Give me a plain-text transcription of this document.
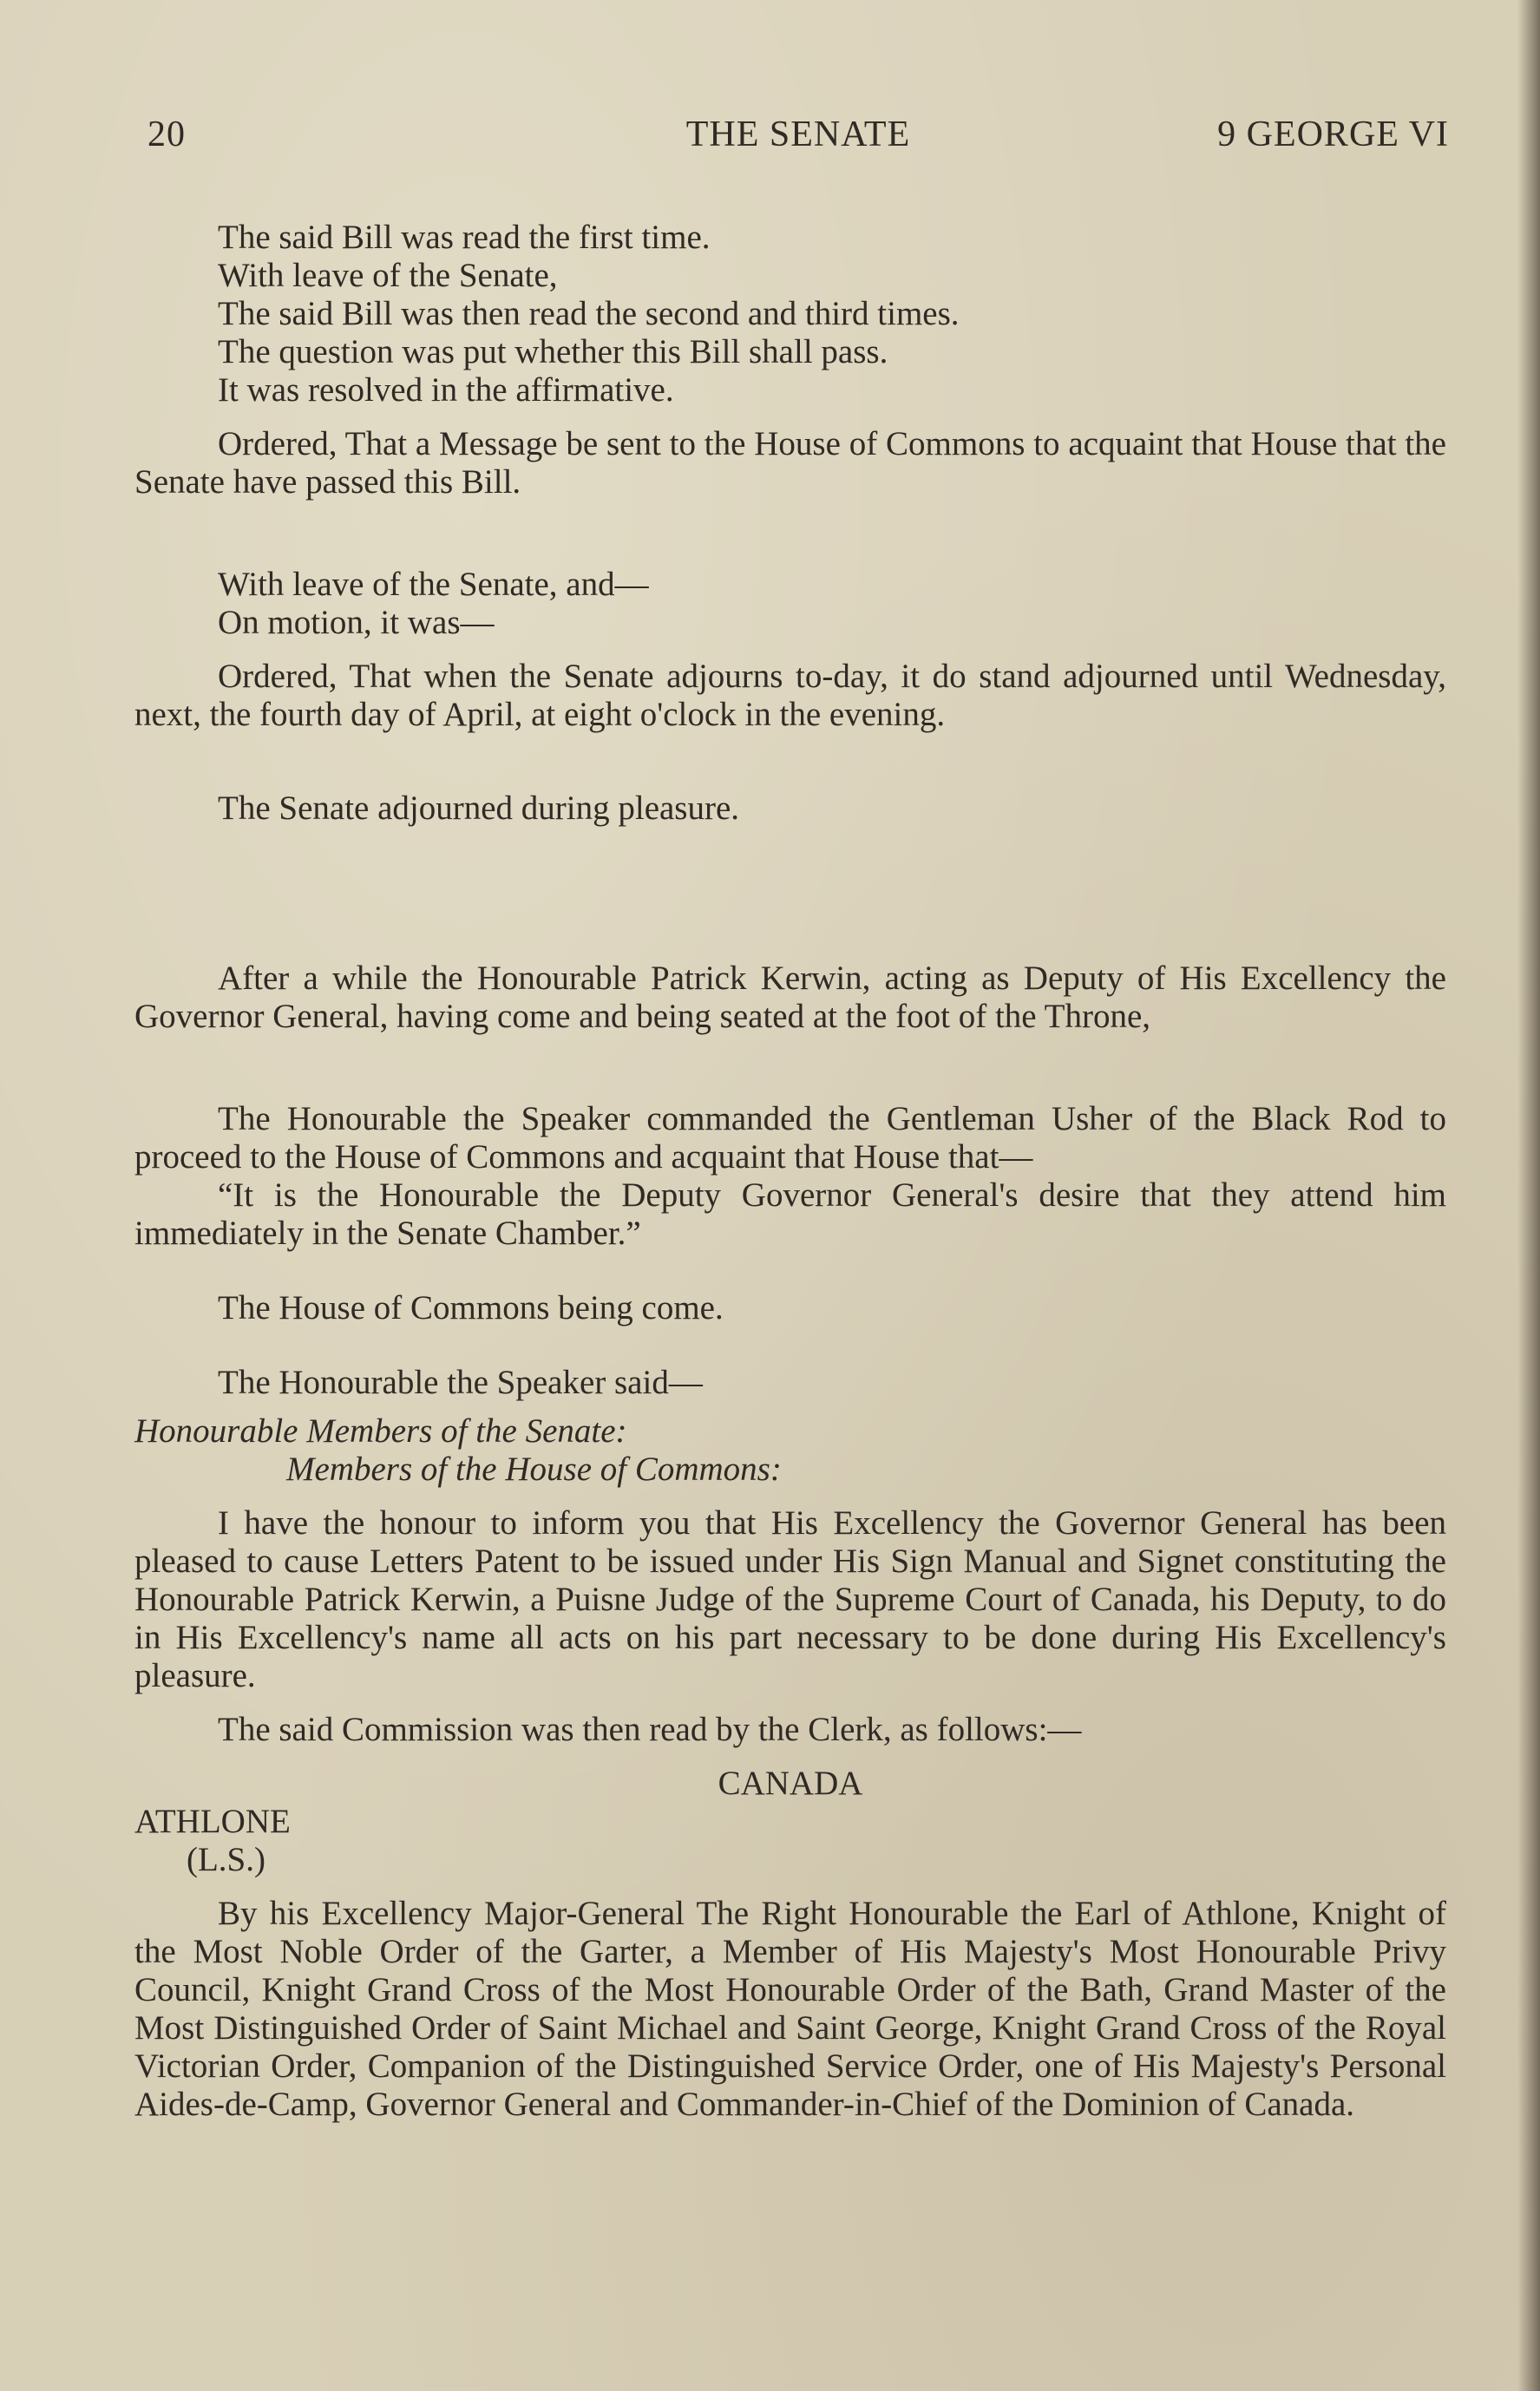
20	THE SENATE	9 GEORGE VI
The said Bill was read the first time.
With leave of the Senate,
The said Bill was then read the second and third times.
The question was put whether this Bill shall pass.
It was resolved in the affirmative.
Ordered, That a Message be sent to the House of Commons to acquaint that House that the Senate have passed this Bill.
With leave of the Senate, and—
On motion, it was—
Ordered, That when the Senate adjourns to-day, it do stand adjourned until Wednesday, next, the fourth day of April, at eight o'clock in the evening.
The Senate adjourned during pleasure.
After a while the Honourable Patrick Kerwin, acting as Deputy of His Excellency the Governor General, having come and being seated at the foot of the Throne,
The Honourable the Speaker commanded the Gentleman Usher of the Black Rod to proceed to the House of Commons and acquaint that House that—
“It is the Honourable the Deputy Governor General's desire that they attend him immediately in the Senate Chamber.”
The House of Commons being come.
The Honourable the Speaker said—
Honourable Members of the Senate:
Members of the House of Commons:
I have the honour to inform you that His Excellency the Governor General has been pleased to cause Letters Patent to be issued under His Sign Manual and Signet constituting the Honourable Patrick Kerwin, a Puisne Judge of the Supreme Court of Canada, his Deputy, to do in His Excellency's name all acts on his part necessary to be done during His Excellency's pleasure.
The said Commission was then read by the Clerk, as follows:—
CANADA
ATHLONE
(L.S.)
By his Excellency Major-General The Right Honourable the Earl of Athlone, Knight of the Most Noble Order of the Garter, a Member of His Majesty's Most Honourable Privy Council, Knight Grand Cross of the Most Honourable Order of the Bath, Grand Master of the Most Distinguished Order of Saint Michael and Saint George, Knight Grand Cross of the Royal Victorian Order, Companion of the Distinguished Service Order, one of His Majesty's Personal Aides-de-Camp, Governor General and Commander-in-Chief of the Dominion of Canada.
